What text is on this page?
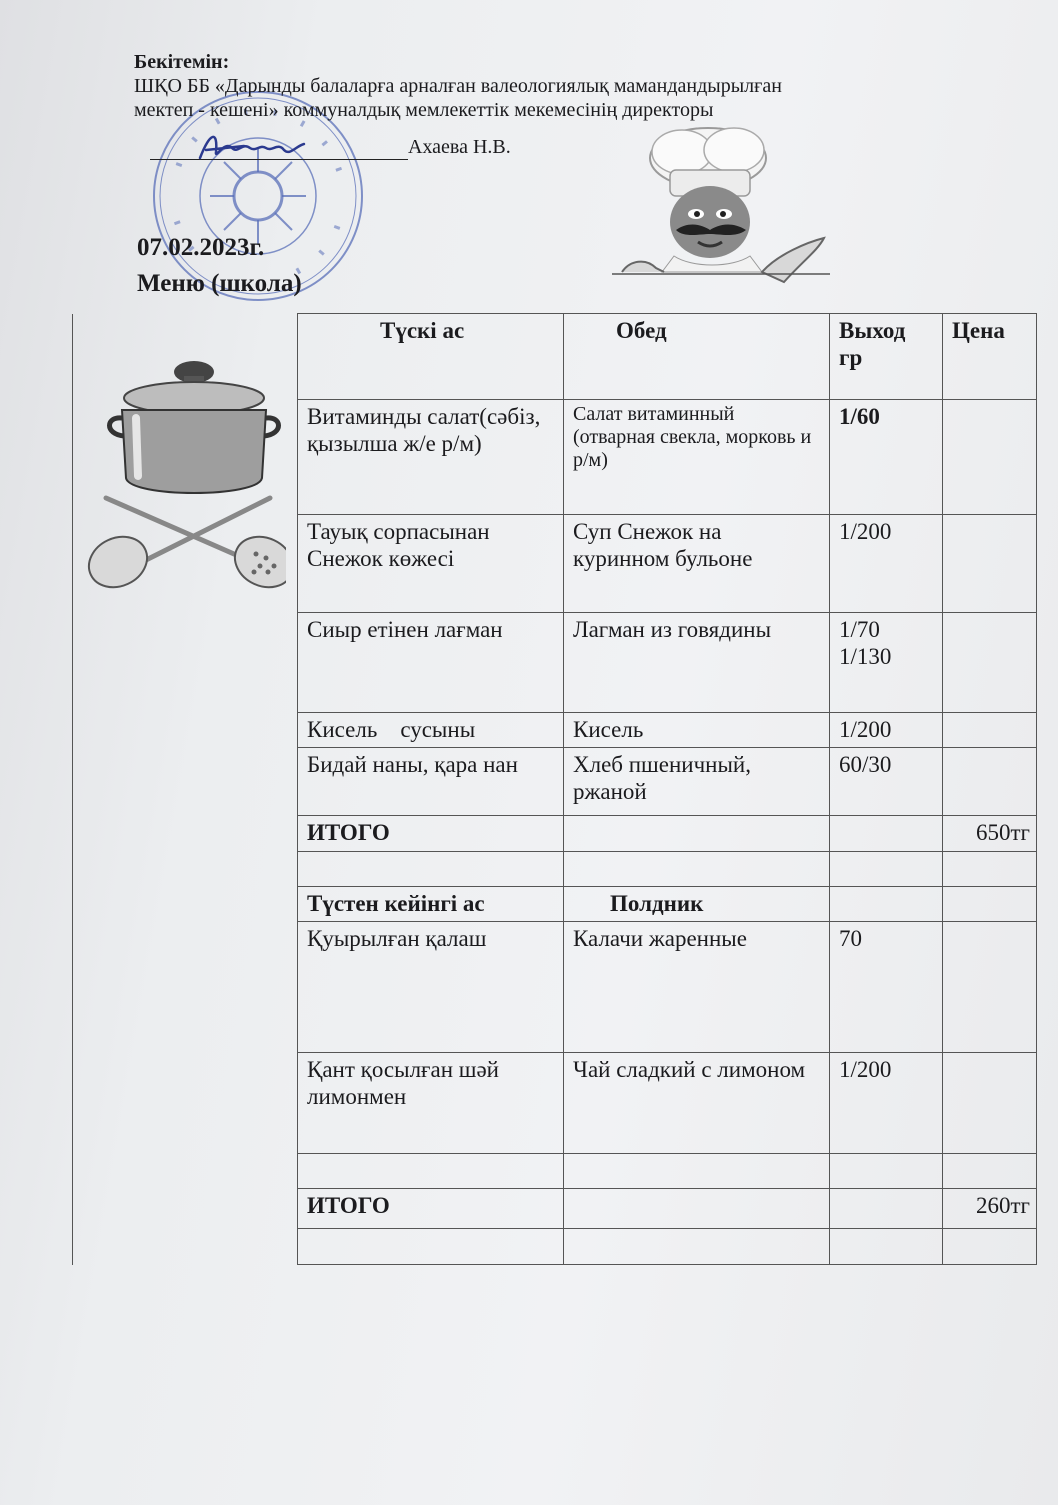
Бекітемін:
ШҚО ББ «Дарынды балаларға арналған валеологиялық мамандандырылған
мектеп - кешені» коммуналдық мемлекеттік мекемесінің директоры
Ахаева Н.В.
07.02.2023г.
Меню (школа)
	Түскі ас	Обед	Выход гр	Цена
	Витаминды салат(сәбіз, қызылша ж/е р/м)	Салат витаминный (отварная свекла, морковь и р/м)	1/60	
	Тауық сорпасынан Снежок көжесі	Суп Снежок на куринном бульоне	1/200	
	Сиыр етінен лағман	Лагман из говядины	1/70 1/130	
	Кисель    сусыны	Кисель	1/200	
	Бидай наны, қара нан	Хлеб пшеничный, ржаной	60/30	
	ИТОГО			650тг

	Түстен кейінгі ас	Полдник		
	Қуырылған қалаш	Калачи жаренные	70	
	Қант қосылған шәй лимонмен	Чай сладкий с лимоном	1/200	

	ИТОГО			260тг
